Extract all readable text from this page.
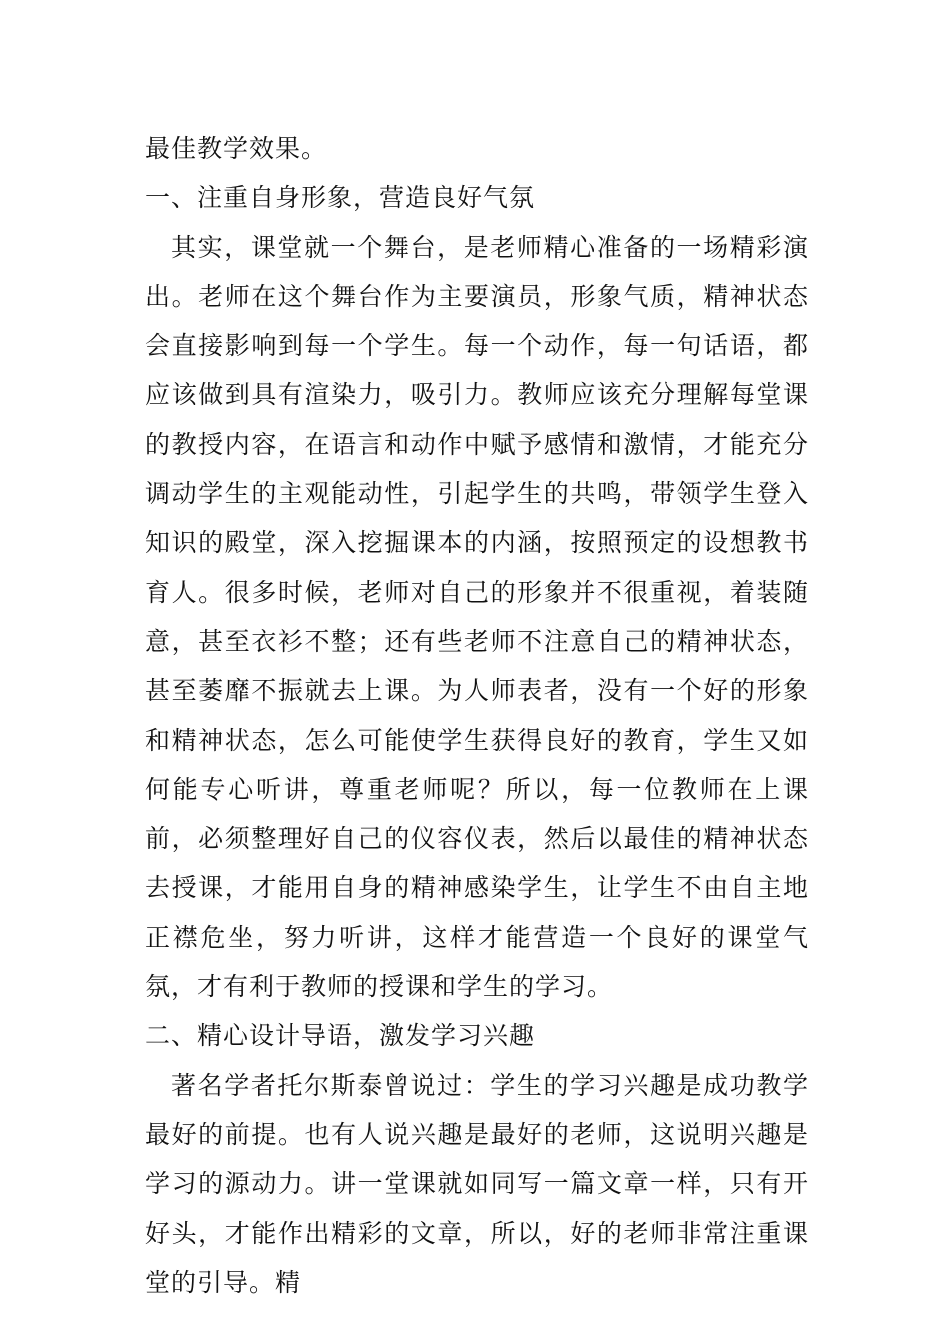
最佳教学效果。

一、注重自身形象，营造良好气氛

其实，课堂就一个舞台，是老师精心准备的一场精彩演出。老师在这个舞台作为主要演员，形象气质，精神状态会直接影响到每一个学生。每一个动作，每一句话语，都应该做到具有渲染力，吸引力。教师应该充分理解每堂课的教授内容，在语言和动作中赋予感情和激情，才能充分调动学生的主观能动性，引起学生的共鸣，带领学生登入知识的殿堂，深入挖掘课本的内涵，按照预定的设想教书育人。很多时候，老师对自己的形象并不很重视，着装随意，甚至衣衫不整；还有些老师不注意自己的精神状态，甚至萎靡不振就去上课。为人师表者，没有一个好的形象和精神状态，怎么可能使学生获得良好的教育，学生又如何能专心听讲，尊重老师呢？所以，每一位教师在上课前，必须整理好自己的仪容仪表，然后以最佳的精神状态去授课，才能用自身的精神感染学生，让学生不由自主地正襟危坐，努力听讲，这样才能营造一个良好的课堂气氛，才有利于教师的授课和学生的学习。

二、精心设计导语，激发学习兴趣

著名学者托尔斯泰曾说过：学生的学习兴趣是成功教学最好的前提。也有人说兴趣是最好的老师，这说明兴趣是学习的源动力。讲一堂课就如同写一篇文章一样，只有开好头，才能作出精彩的文章，所以，好的老师非常注重课堂的引导。精
